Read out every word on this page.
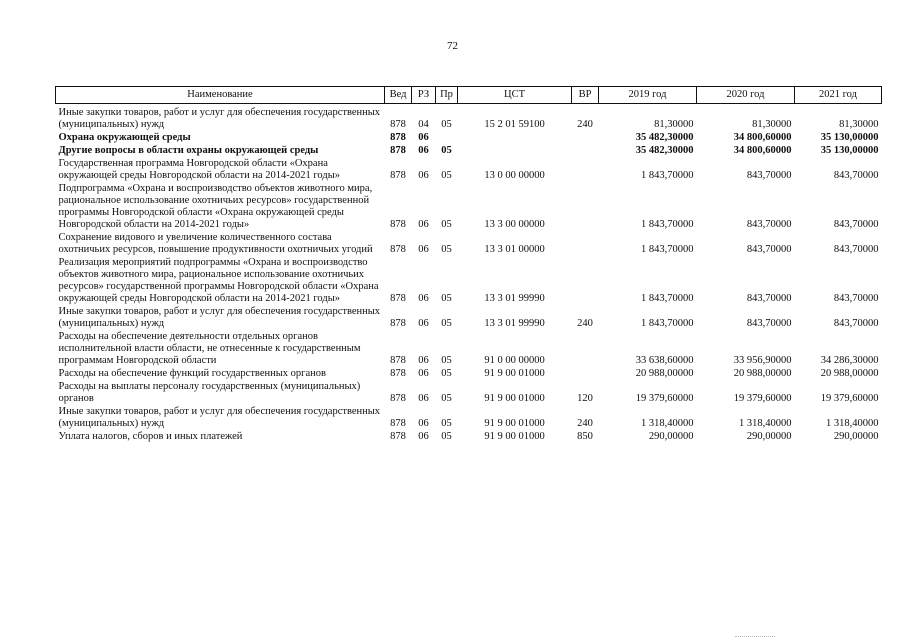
72
Наименование	Вед	РЗ	Пр	ЦСТ	ВР	2019 год	2020 год	2021 год
Иные закупки товаров, работ и услуг для обеспечения государственных (муниципальных) нужд	878	04	05	15 2 01 59100	240	81,30000	81,30000	81,30000
Охрана окружающей среды	878	06				35 482,30000	34 800,60000	35 130,00000
Другие вопросы в области охраны окружающей среды	878	06	05			35 482,30000	34 800,60000	35 130,00000
Государственная программа Новгородской области «Охрана окружающей среды Новгородской области на 2014-2021 годы»	878	06	05	13 0 00 00000		1 843,70000	843,70000	843,70000
Подпрограмма «Охрана и воспроизводство объектов животного мира, рациональное использование охотничьих ресурсов» государственной программы Новгородской области «Охрана окружающей среды Новгородской области на 2014-2021 годы»	878	06	05	13 3 00 00000		1 843,70000	843,70000	843,70000
Сохранение видового и увеличение количественного состава охотничьих ресурсов, повышение продуктивности охотничьих угодий	878	06	05	13 3 01 00000		1 843,70000	843,70000	843,70000
Реализация мероприятий подпрограммы «Охрана и воспроизводство объектов животного мира, рациональное использование охотничьих ресурсов» государственной программы Новгородской области «Охрана окружающей среды Новгородской области на 2014-2021 годы»	878	06	05	13 3 01 99990		1 843,70000	843,70000	843,70000
Иные закупки товаров, работ и услуг для обеспечения государственных (муниципальных) нужд	878	06	05	13 3 01 99990	240	1 843,70000	843,70000	843,70000
Расходы на обеспечение деятельности отдельных органов исполнительной власти области, не отнесенные к государственным программам Новгородской области	878	06	05	91 0 00 00000		33 638,60000	33 956,90000	34 286,30000
Расходы на обеспечение функций государственных органов	878	06	05	91 9 00 01000		20 988,00000	20 988,00000	20 988,00000
Расходы на выплаты персоналу государственных (муниципальных) органов	878	06	05	91 9 00 01000	120	19 379,60000	19 379,60000	19 379,60000
Иные закупки товаров, работ и услуг для обеспечения государственных (муниципальных) нужд	878	06	05	91 9 00 01000	240	1 318,40000	1 318,40000	1 318,40000
Уплата налогов, сборов и иных платежей	878	06	05	91 9 00 01000	850	290,00000	290,00000	290,00000
